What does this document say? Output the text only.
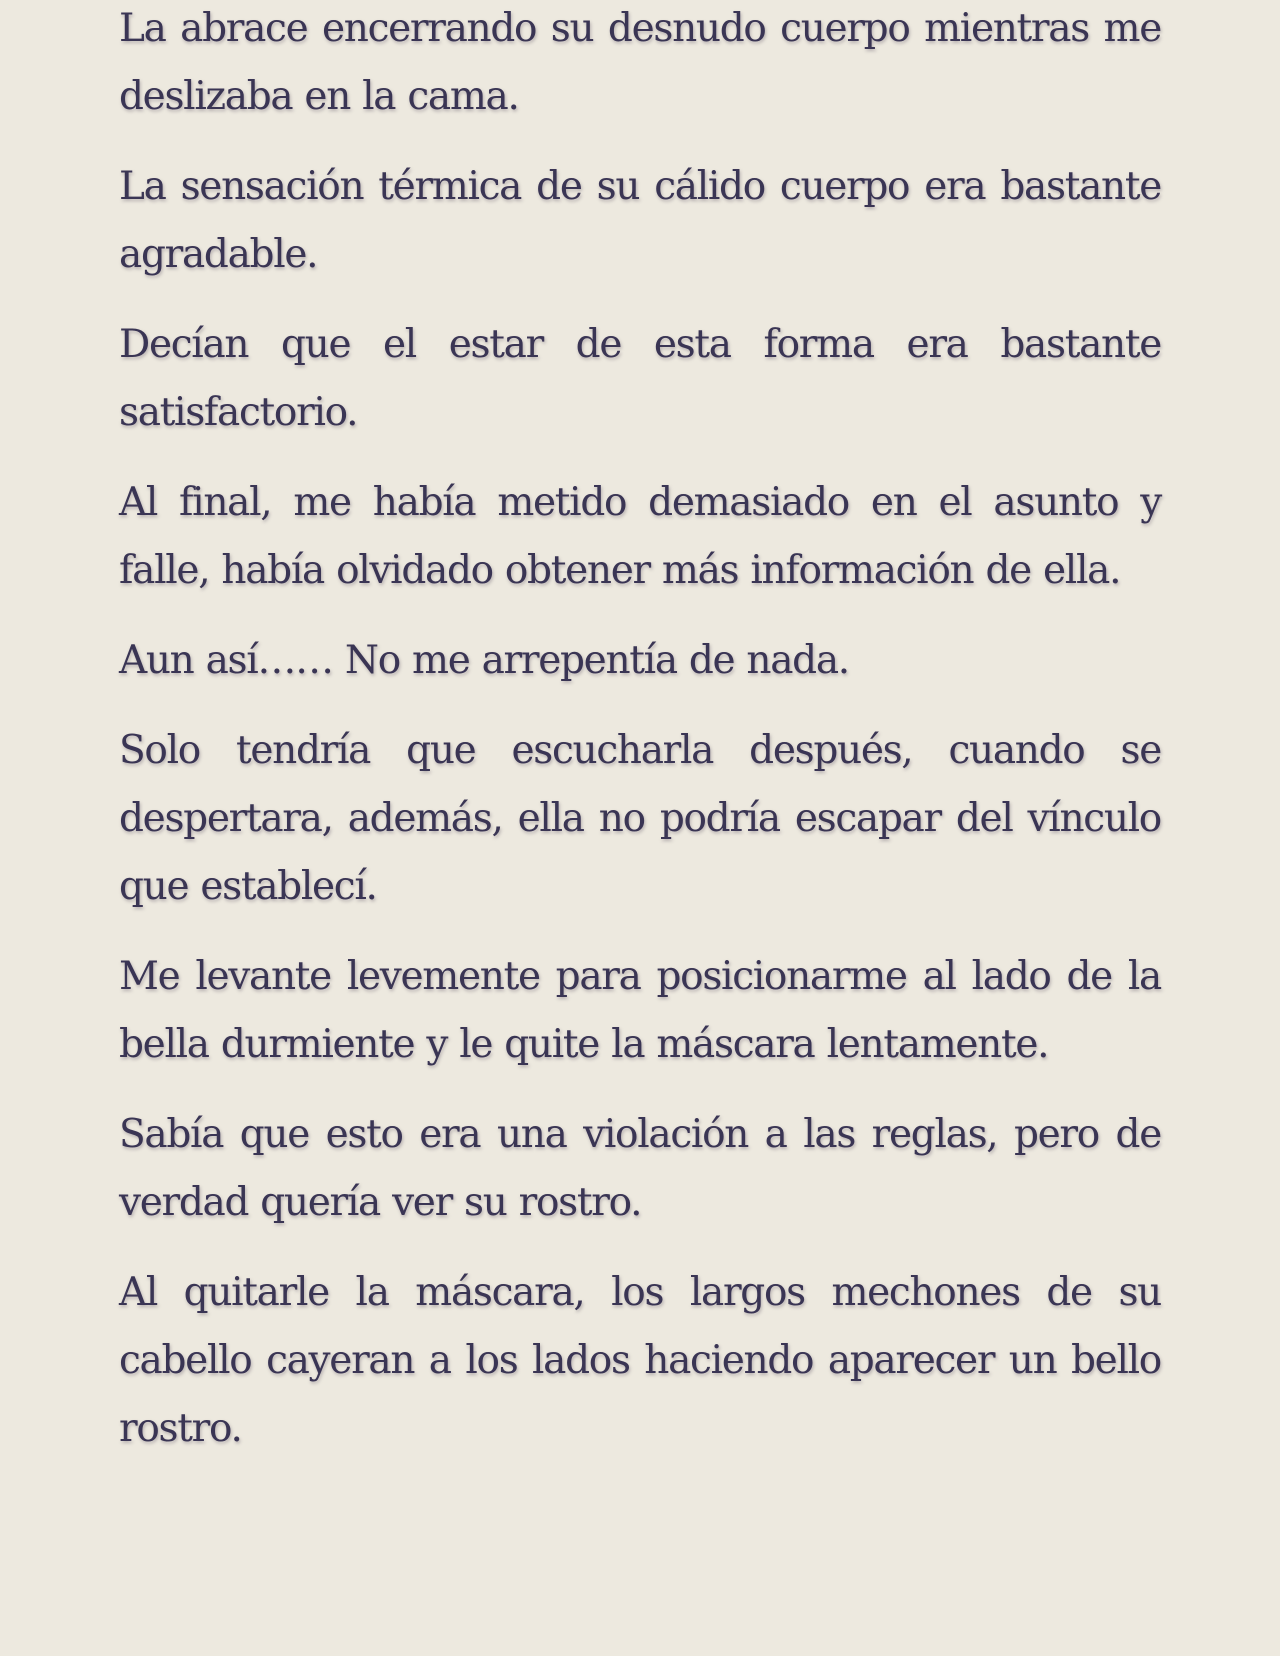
La abrace encerrando su desnudo cuerpo mientras me deslizaba en la cama.

La sensación térmica de su cálido cuerpo era bastante agradable.

Decían que el estar de esta forma era bastante satisfactorio.

Al final, me había metido demasiado en el asunto y falle, había olvidado obtener más información de ella.

Aun así…… No me arrepentía de nada.

Solo tendría que escucharla después, cuando se despertara, además, ella no podría escapar del vínculo que establecí.

Me levante levemente para posicionarme al lado de la bella durmiente y le quite la máscara lentamente.

Sabía que esto era una violación a las reglas, pero de verdad quería ver su rostro.

Al quitarle la máscara, los largos mechones de su cabello cayeran a los lados haciendo aparecer un bello rostro.
